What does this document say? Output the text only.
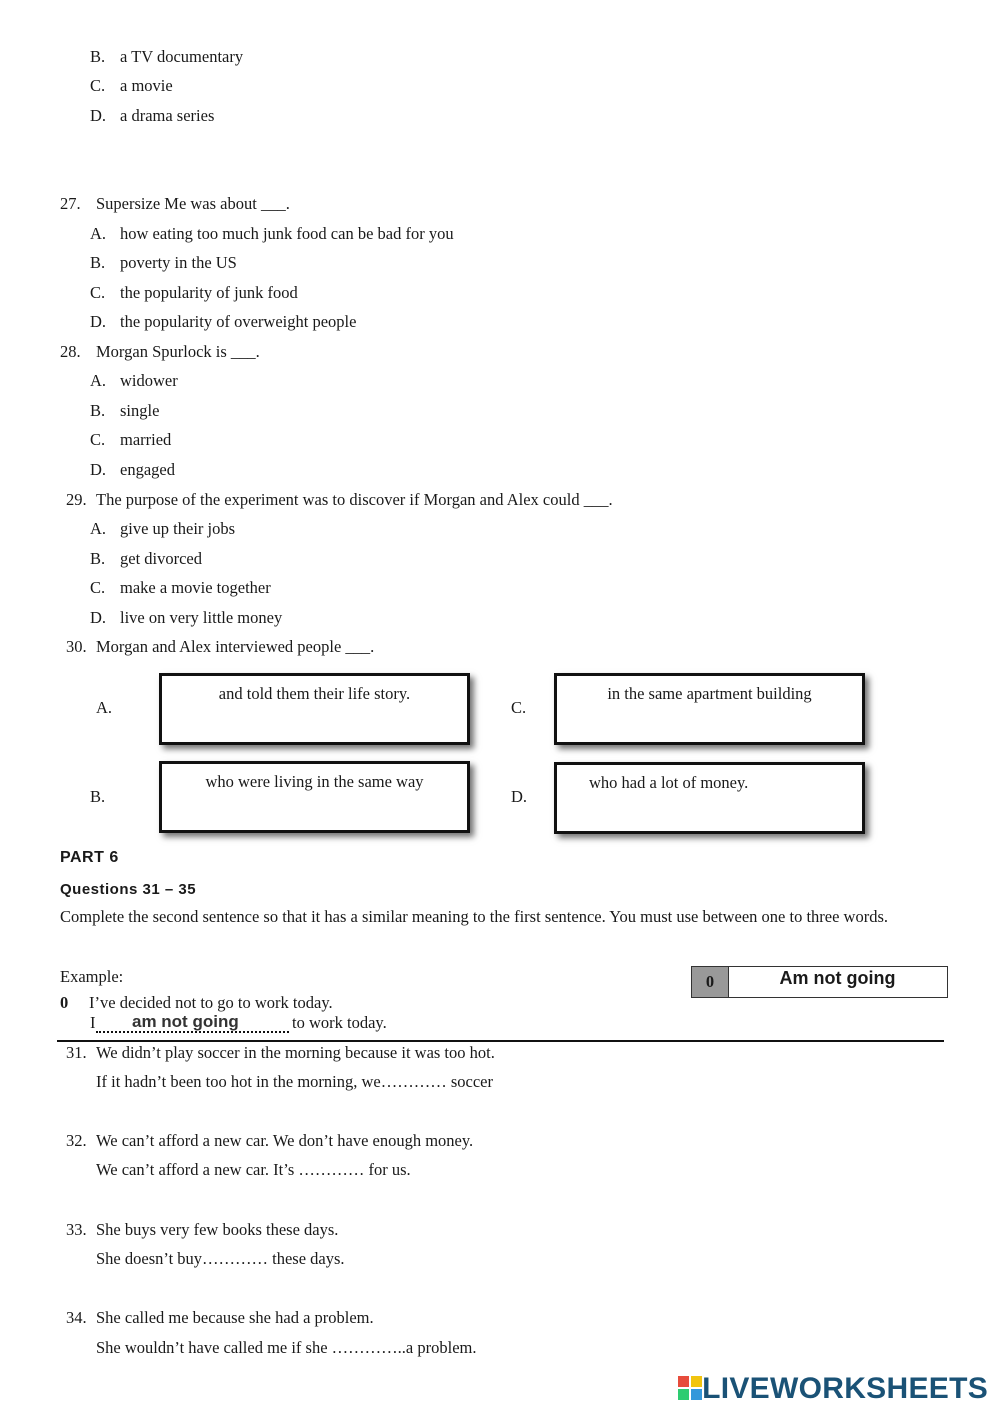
B. a TV documentary
C. a movie
D. a drama series
27. Supersize Me was about ___.
A. how eating too much junk food can be bad for you
B. poverty in the US
C. the popularity of junk food
D. the popularity of overweight people
28. Morgan Spurlock is ___.
A. widower
B. single
C. married
D. engaged
29. The purpose of the experiment was to discover if Morgan and Alex could ___.
A. give up their jobs
B. get divorced
C. make a movie together
D. live on very little money
30. Morgan and Alex interviewed people ___.
A.
and told them their life story.
C.
in the same apartment building
B.
who were living in the same way
D.
who had a lot of money.
PART 6
Questions 31 – 35
Complete the second sentence so that it has a similar meaning to the first sentence. You must use between one to three words.
Example:	0	Am not going
0 I’ve decided not to go to work today.
I am not going	to work today.
31. We didn’t play soccer in the morning because it was too hot.
If it hadn’t been too hot in the morning, we………… soccer
32. We can’t afford a new car. We don’t have enough money.
We can’t afford a new car. It’s ………… for us.
33. She buys very few books these days.
She doesn’t buy………… these days.
34. She called me because she had a problem.
She wouldn’t have called me if she …………..a problem.
LIVEWORKSHEETS
